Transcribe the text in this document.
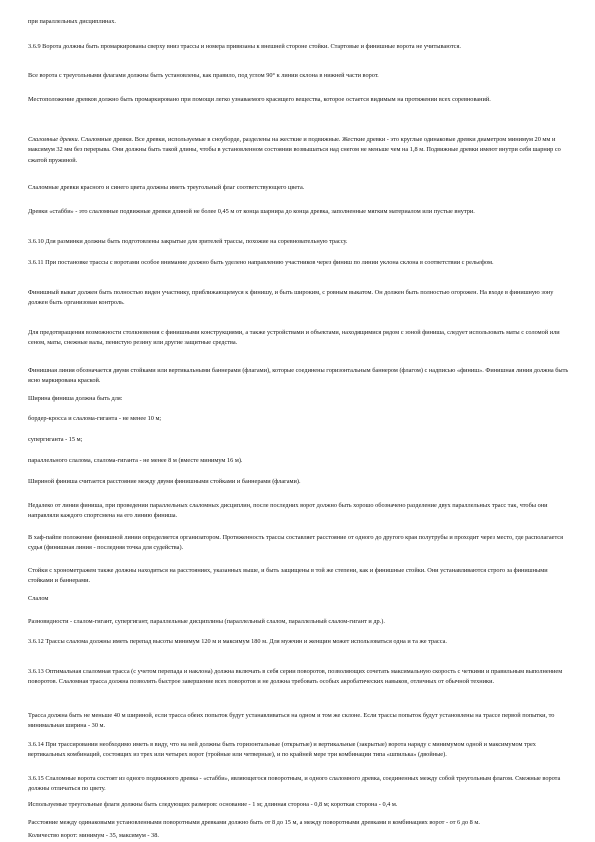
при параллельных дисциплинах.

3.6.9 Ворота должны быть промаркированы сверху вниз трассы и номера привязаны к внешней стороне стойки. Стартовые и финишные ворота не учитываются.

Все ворота с треугольными флагами должны быть установлены, как правило, под углом 90° к линии склона в нижней части ворот.

Местоположение древков должно быть промаркировано при помощи легко узнаваемого красящего вещества, которое остается видимым на протяжении всех соревнований.

Слаломные древки. Слаломные древки. Все древки, используемые в сноуборде, разделены на жесткие и подвижные. Жесткие древки - это круглые одинаковые древки диаметром минимум 20 мм и максимум 32 мм без перерыва. Они должны быть такой длины, чтобы в установленном состоянии возвышаться над снегом не меньше чем на 1,8 м. Подвижные древки имеют внутри себя шарнир со сжатой пружиной.

Слаломные древки красного и синего цвета должны иметь треугольный флаг соответствующего цвета.

Древки «стабби» - это слаломные подвижные древки длиной не более 0,45 м от конца шарнира до конца древка, заполненные мягким материалом или пустые внутри.

3.6.10 Для разминки должны быть подготовлены закрытые для зрителей трассы, похожие на соревновательную трассу.

3.6.11 При постановке трассы с воротами особое внимание должно быть уделено направлению участников через финиш по линии уклона склона в соответствии с рельефом.

Финишный выкат должен быть полностью виден участнику, приближающемуся к финишу, и быть широким, с ровным выкатом. Он должен быть полностью огорожен. На входе в финишную зону должен быть организован контроль.

Для предотвращения возможности столкновения с финишными конструкциями, а также устройствами и объектами, находящимися рядом с зоной финиша, следует использовать маты с соломой или сеном, маты, снежные валы, пенистую резину или другие защитные средства.

Финишная линия обозначается двумя стойками или вертикальными баннерами (флагами), которые соединены горизонтальным баннером (флагом) с надписью «финиш». Финишная линия должна быть ясно маркирована краской.

Ширина финиша должна быть для:

бордер-кросса и слалома-гиганта - не менее 10 м;

супергиганта - 15 м;

параллельного слалома, слалома-гиганта - не менее 8 м (вместе минимум 16 м).

Шириной финиша считается расстояние между двумя финишными стойками и баннерами (флагами).

Недалеко от линии финиша, при проведении параллельных слаломных дисциплин, после последних ворот должно быть хорошо обозначено разделение двух параллельных трасс так, чтобы они направляли каждого спортсмена на его линию финиша.

В хаф-пайпе положение финишной линии определяется организатором. Протяженность трассы составляет расстояние от одного до другого края полутрубы и проходит через место, где располагается судья (финишная линия - последняя точка для судейства).

Стойки с хронометражем также должны находиться на расстояниях, указанных выше, и быть защищены в той же степени, как и финишные стойки. Они устанавливаются строго за финишными стойками и баннерами.

Слалом

Разновидности - слалом-гигант, супергигант, параллельные дисциплины (параллельный слалом, параллельный слалом-гигант и др.).

3.6.12 Трассы слалома должны иметь перепад высоты минимум 120 м и максимум 180 м. Для мужчин и женщин может использоваться одна и та же трасса.

3.6.13 Оптимальная слаломная трасса (с учетом перепада и наклона) должна включать в себя серии поворотов, позволяющих сочетать максимальную скорость с четкими и правильным выполнением поворотов. Слаломная трасса должна позволять быстрое завершение всех поворотов и не должна требовать особых акробатических навыков, отличных от обычной техники.

Трасса должна быть не меньше 40 м шириной, если трасса обеих попыток будут устанавливаться на одном и том же склоне. Если трассы попыток будут установлены на трассе первой попытки, то минимальная ширина - 30 м.

3.6.14 При трассировании необходимо иметь в виду, что на ней должны быть горизонтальные (открытые) и вертикальные (закрытые) ворота наряду с минимумом одной и максимумом трех вертикальных комбинаций, состоящих из трех или четырех ворот (тройные или четверные), и по крайней мере три комбинации типа «шпилька» (двойные).

3.6.15 Слаломные ворота состоят из одного подвижного древка - «стабби», являющегося поворотным, и одного слаломного древка, соединенных между собой треугольным флагом. Смежные ворота должны отличаться по цвету.

Используемые треугольные флаги должны быть следующих размеров: основание - 1 м; длинная сторона - 0,8 м; короткая сторона - 0,4 м.

Расстояние между одинаковыми установленными поворотными древками должно быть от 8 до 15 м, а между поворотными древками в комбинациях ворот - от 6 до 8 м.

Количество ворот: минимум - 35, максимум - 38.
